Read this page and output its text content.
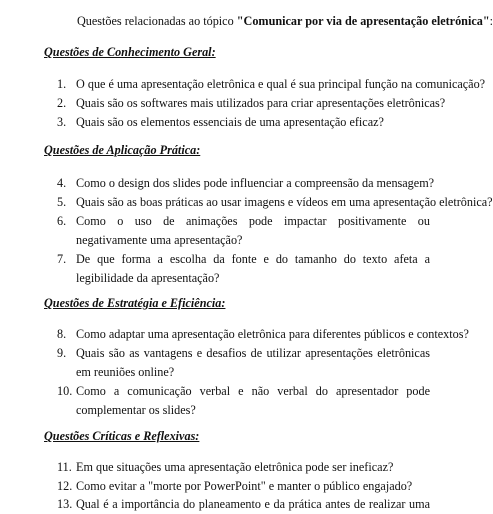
Questões relacionadas ao tópico "Comunicar por via de apresentação eletrónica":
Questões de Conhecimento Geral:
1. O que é uma apresentação eletrônica e qual é sua principal função na comunicação?
2. Quais são os softwares mais utilizados para criar apresentações eletrônicas?
3. Quais são os elementos essenciais de uma apresentação eficaz?
Questões de Aplicação Prática:
4. Como o design dos slides pode influenciar a compreensão da mensagem?
5. Quais são as boas práticas ao usar imagens e vídeos em uma apresentação eletrônica?
6. Como o uso de animações pode impactar positivamente ou negativamente uma apresentação?
7. De que forma a escolha da fonte e do tamanho do texto afeta a legibilidade da apresentação?
Questões de Estratégia e Eficiência:
8. Como adaptar uma apresentação eletrônica para diferentes públicos e contextos?
9. Quais são as vantagens e desafios de utilizar apresentações eletrônicas em reuniões online?
10. Como a comunicação verbal e não verbal do apresentador pode complementar os slides?
Questões Críticas e Reflexivas:
11. Em que situações uma apresentação eletrônica pode ser ineficaz?
12. Como evitar a "morte por PowerPoint" e manter o público engajado?
13. Qual é a importância do planeamento e da prática antes de realizar uma
